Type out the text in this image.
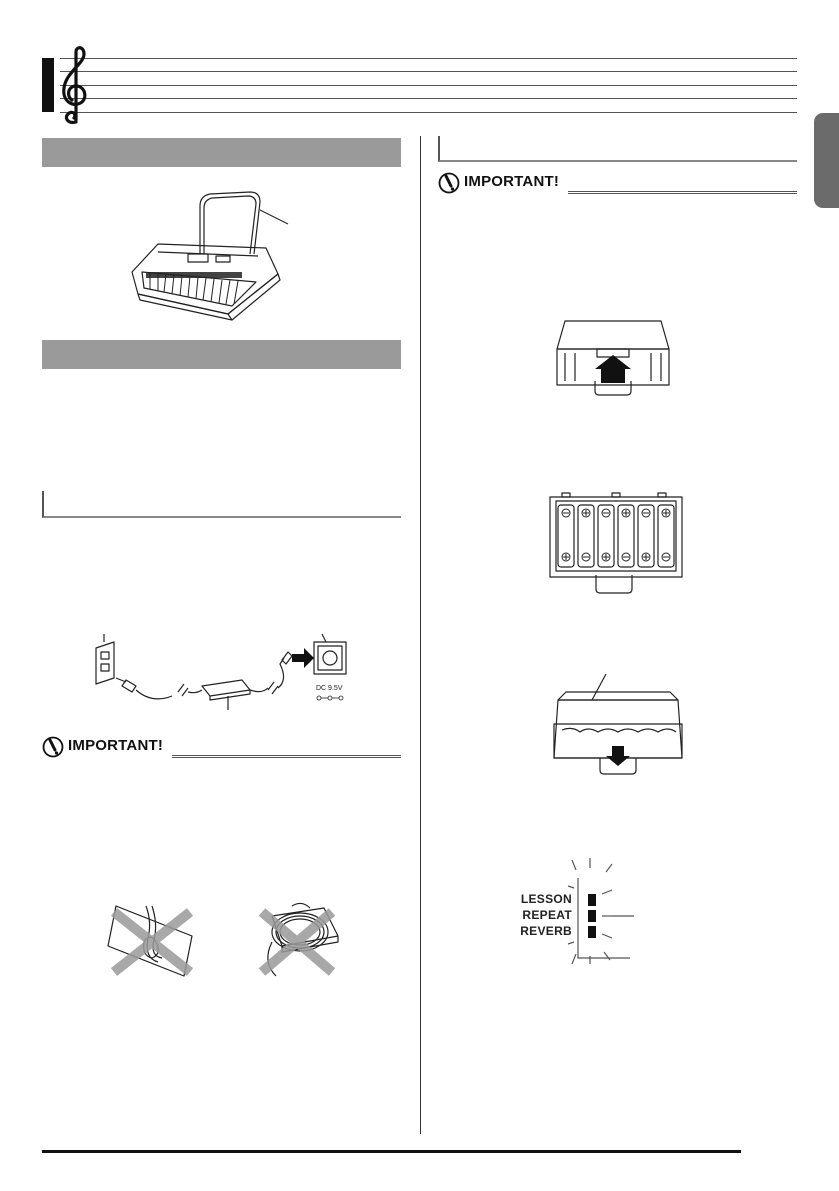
DC 9.5V
IMPORTANT!
IMPORTANT!
LESSON
REPEAT
REVERB
